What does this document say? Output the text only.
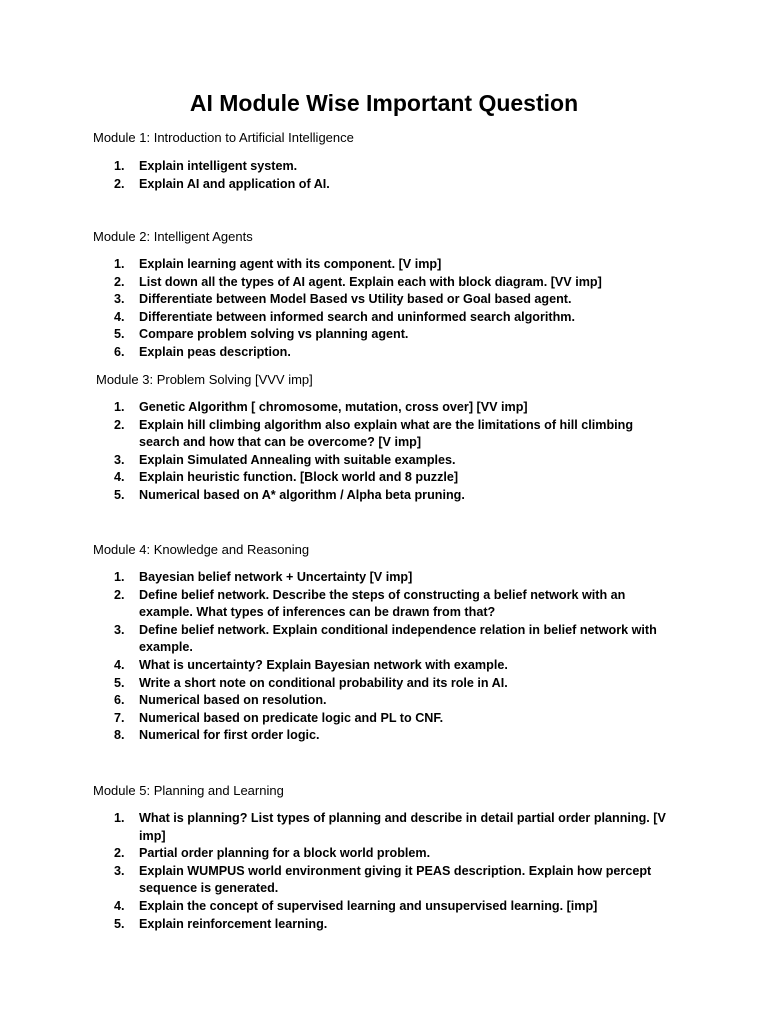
AI Module Wise Important Question
Module 1: Introduction to Artificial Intelligence
1. Explain intelligent system.
2. Explain AI and application of AI.
Module 2: Intelligent Agents
1. Explain learning agent with its component. [V imp]
2. List down all the types of AI agent. Explain each with block diagram. [VV imp]
3. Differentiate between Model Based vs Utility based or Goal based agent.
4. Differentiate between informed search and uninformed search algorithm.
5. Compare problem solving vs planning agent.
6. Explain peas description.
Module 3: Problem Solving [VVV imp]
1. Genetic Algorithm [ chromosome, mutation, cross over] [VV imp]
2. Explain hill climbing algorithm also explain what are the limitations of hill climbing search and how that can be overcome? [V imp]
3. Explain Simulated Annealing with suitable examples.
4. Explain heuristic function. [Block world and 8 puzzle]
5. Numerical based on A* algorithm / Alpha beta pruning.
Module 4: Knowledge and Reasoning
1. Bayesian belief network + Uncertainty [V imp]
2. Define belief network. Describe the steps of constructing a belief network with an example. What types of inferences can be drawn from that?
3. Define belief network. Explain conditional independence relation in belief network with example.
4. What is uncertainty? Explain Bayesian network with example.
5. Write a short note on conditional probability and its role in AI.
6. Numerical based on resolution.
7. Numerical based on predicate logic and PL to CNF.
8. Numerical for first order logic.
Module 5: Planning and Learning
1. What is planning? List types of planning and describe in detail partial order planning. [V imp]
2. Partial order planning for a block world problem.
3. Explain WUMPUS world environment giving it PEAS description. Explain how percept sequence is generated.
4. Explain the concept of supervised learning and unsupervised learning. [imp]
5. Explain reinforcement learning.
